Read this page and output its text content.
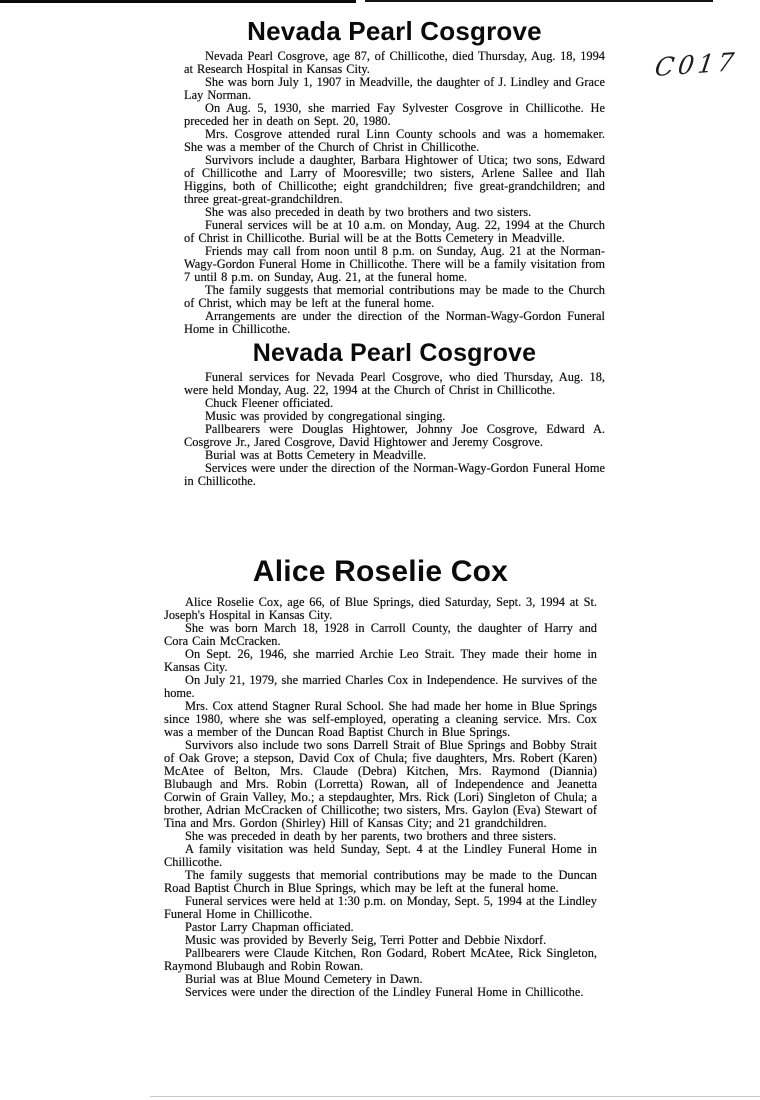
C017
Nevada Pearl Cosgrove

Nevada Pearl Cosgrove, age 87, of Chillicothe, died Thursday, Aug. 18, 1994 at Research Hospital in Kansas City.

She was born July 1, 1907 in Meadville, the daughter of J. Lindley and Grace Lay Norman.

On Aug. 5, 1930, she married Fay Sylvester Cosgrove in Chillicothe. He preceded her in death on Sept. 20, 1980.

Mrs. Cosgrove attended rural Linn County schools and was a homemaker. She was a member of the Church of Christ in Chillicothe.

Survivors include a daughter, Barbara Hightower of Utica; two sons, Edward of Chillicothe and Larry of Mooresville; two sisters, Arlene Sallee and Ilah Higgins, both of Chillicothe; eight grandchildren; five great-grandchildren; and three great-great-grandchildren.

She was also preceded in death by two brothers and two sisters.

Funeral services will be at 10 a.m. on Monday, Aug. 22, 1994 at the Church of Christ in Chillicothe. Burial will be at the Botts Cemetery in Meadville.

Friends may call from noon until 8 p.m. on Sunday, Aug. 21 at the Norman-Wagy-Gordon Funeral Home in Chillicothe. There will be a family visitation from 7 until 8 p.m. on Sunday, Aug. 21, at the funeral home.

The family suggests that memorial contributions may be made to the Church of Christ, which may be left at the funeral home.

Arrangements are under the direction of the Norman-Wagy-Gordon Funeral Home in Chillicothe.

Nevada Pearl Cosgrove

Funeral services for Nevada Pearl Cosgrove, who died Thursday, Aug. 18, were held Monday, Aug. 22, 1994 at the Church of Christ in Chillicothe.

Chuck Fleener officiated.

Music was provided by congregational singing.

Pallbearers were Douglas Hightower, Johnny Joe Cosgrove, Edward A. Cosgrove Jr., Jared Cosgrove, David Hightower and Jeremy Cosgrove.

Burial was at Botts Cemetery in Meadville.

Services were under the direction of the Norman-Wagy-Gordon Funeral Home in Chillicothe.

Alice Roselie Cox

Alice Roselie Cox, age 66, of Blue Springs, died Saturday, Sept. 3, 1994 at St. Joseph's Hospital in Kansas City.

She was born March 18, 1928 in Carroll County, the daughter of Harry and Cora Cain McCracken.

On Sept. 26, 1946, she married Archie Leo Strait. They made their home in Kansas City.

On July 21, 1979, she married Charles Cox in Independence. He survives of the home.

Mrs. Cox attend Stagner Rural School. She had made her home in Blue Springs since 1980, where she was self-employed, operating a cleaning service. Mrs. Cox was a member of the Duncan Road Baptist Church in Blue Springs.

Survivors also include two sons Darrell Strait of Blue Springs and Bobby Strait of Oak Grove; a stepson, David Cox of Chula; five daughters, Mrs. Robert (Karen) McAtee of Belton, Mrs. Claude (Debra) Kitchen, Mrs. Raymond (Diannia) Blubaugh and Mrs. Robin (Lorretta) Rowan, all of Independence and Jeanetta Corwin of Grain Valley, Mo.; a stepdaughter, Mrs. Rick (Lori) Singleton of Chula; a brother, Adrian McCracken of Chillicothe; two sisters, Mrs. Gaylon (Eva) Stewart of Tina and Mrs. Gordon (Shirley) Hill of Kansas City; and 21 grandchildren.

She was preceded in death by her parents, two brothers and three sisters.

A family visitation was held Sunday, Sept. 4 at the Lindley Funeral Home in Chillicothe.

The family suggests that memorial contributions may be made to the Duncan Road Baptist Church in Blue Springs, which may be left at the funeral home.

Funeral services were held at 1:30 p.m. on Monday, Sept. 5, 1994 at the Lindley Funeral Home in Chillicothe.

Pastor Larry Chapman officiated.

Music was provided by Beverly Seig, Terri Potter and Debbie Nixdorf.

Pallbearers were Claude Kitchen, Ron Godard, Robert McAtee, Rick Singleton, Raymond Blubaugh and Robin Rowan.

Burial was at Blue Mound Cemetery in Dawn.

Services were under the direction of the Lindley Funeral Home in Chillicothe.
